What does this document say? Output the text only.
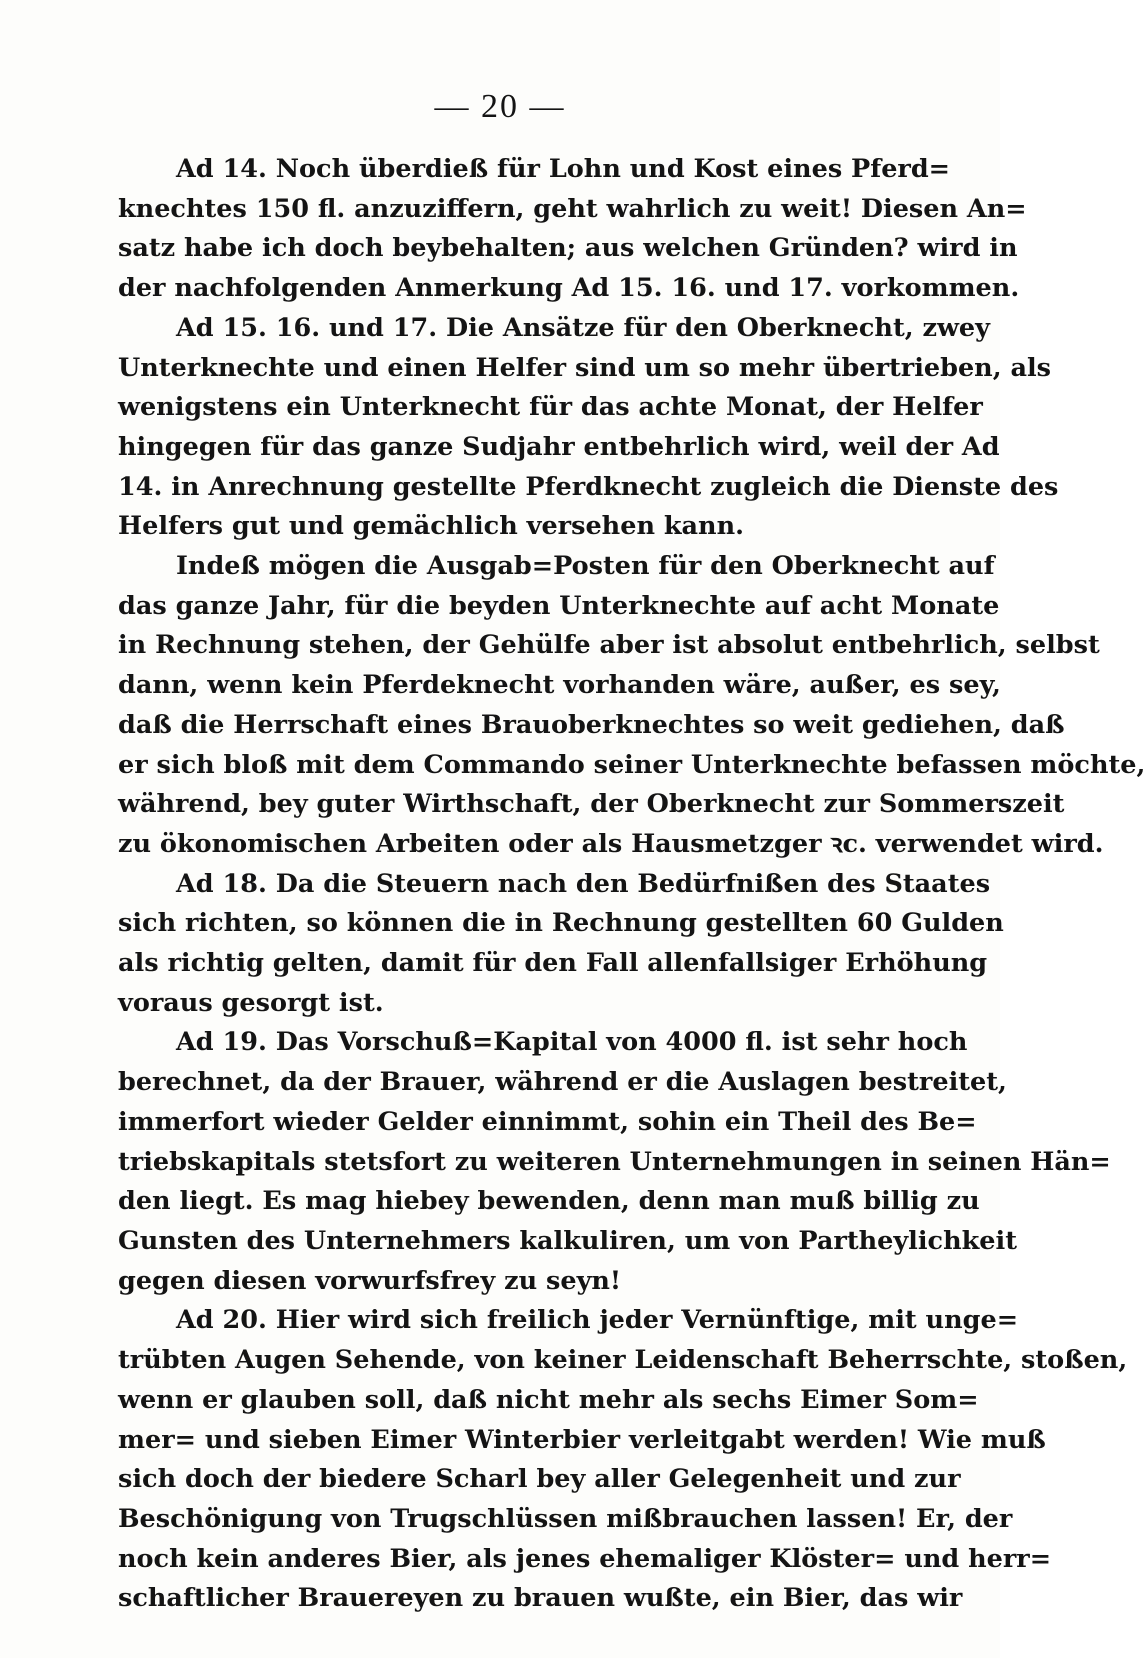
— 20 —
Ad 14. Noch überdieß für Lohn und Kost eines Pferd=
knechtes 150 fl. anzuziffern, geht wahrlich zu weit! Diesen An=
satz habe ich doch beybehalten; aus welchen Gründen? wird in
der nachfolgenden Anmerkung Ad 15. 16. und 17. vorkommen.
Ad 15. 16. und 17. Die Ansätze für den Oberknecht, zwey
Unterknechte und einen Helfer sind um so mehr übertrieben, als
wenigstens ein Unterknecht für das achte Monat, der Helfer
hingegen für das ganze Sudjahr entbehrlich wird, weil der Ad
14. in Anrechnung gestellte Pferdknecht zugleich die Dienste des
Helfers gut und gemächlich versehen kann.
Indeß mögen die Ausgab=Posten für den Oberknecht auf
das ganze Jahr, für die beyden Unterknechte auf acht Monate
in Rechnung stehen, der Gehülfe aber ist absolut entbehrlich, selbst
dann, wenn kein Pferdeknecht vorhanden wäre, außer, es sey,
daß die Herrschaft eines Brauoberknechtes so weit gediehen, daß
er sich bloß mit dem Commando seiner Unterknechte befassen möchte,
während, bey guter Wirthschaft, der Oberknecht zur Sommerszeit
zu ökonomischen Arbeiten oder als Hausmetzger ꝛc. verwendet wird.
Ad 18. Da die Steuern nach den Bedürfnißen des Staates
sich richten, so können die in Rechnung gestellten 60 Gulden
als richtig gelten, damit für den Fall allenfallsiger Erhöhung
voraus gesorgt ist.
Ad 19. Das Vorschuß=Kapital von 4000 fl. ist sehr hoch
berechnet, da der Brauer, während er die Auslagen bestreitet,
immerfort wieder Gelder einnimmt, sohin ein Theil des Be=
triebskapitals stetsfort zu weiteren Unternehmungen in seinen Hän=
den liegt. Es mag hiebey bewenden, denn man muß billig zu
Gunsten des Unternehmers kalkuliren, um von Partheylichkeit
gegen diesen vorwurfsfrey zu seyn!
Ad 20. Hier wird sich freilich jeder Vernünftige, mit unge=
trübten Augen Sehende, von keiner Leidenschaft Beherrschte, stoßen,
wenn er glauben soll, daß nicht mehr als sechs Eimer Som=
mer= und sieben Eimer Winterbier verleitgabt werden! Wie muß
sich doch der biedere Scharl bey aller Gelegenheit und zur
Beschönigung von Trugschlüssen mißbrauchen lassen! Er, der
noch kein anderes Bier, als jenes ehemaliger Klöster= und herr=
schaftlicher Brauereyen zu brauen wußte, ein Bier, das wir
